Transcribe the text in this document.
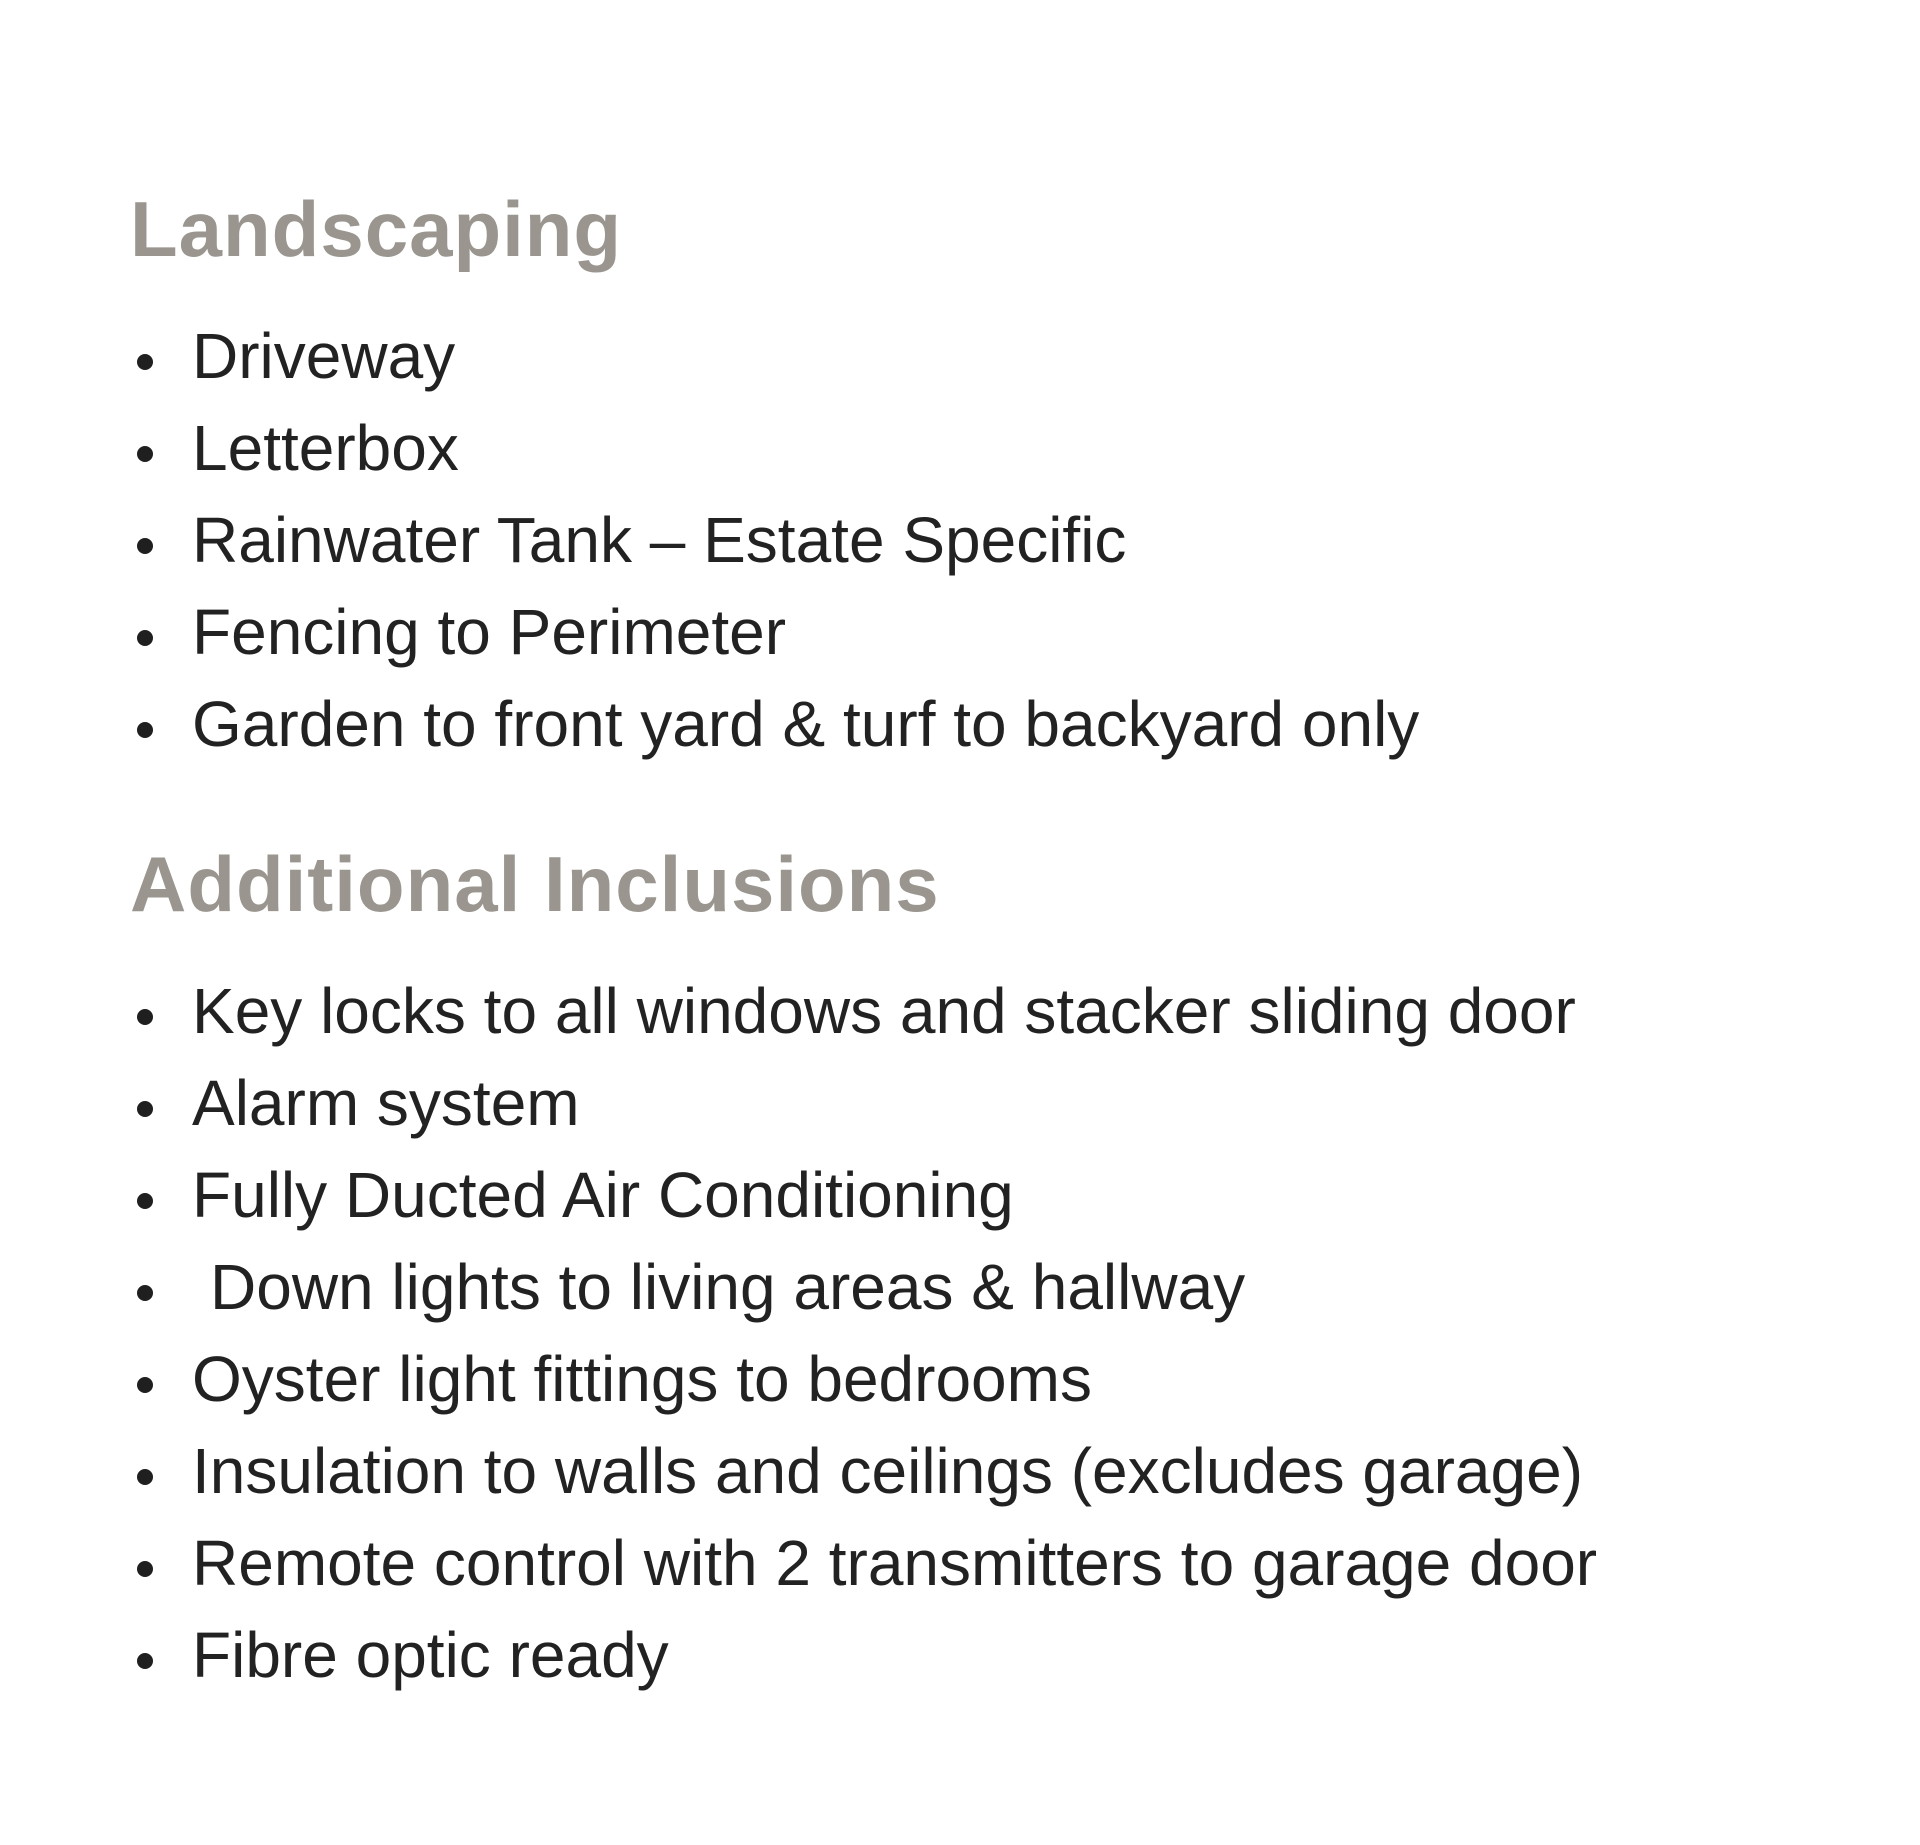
Landscaping
Driveway
Letterbox
Rainwater Tank – Estate Specific
Fencing to Perimeter
Garden to front yard & turf to backyard only
Additional Inclusions
Key locks to all windows and stacker sliding door
Alarm system
Fully Ducted Air Conditioning
Down lights to living areas & hallway
Oyster light fittings to bedrooms
Insulation to walls and ceilings (excludes garage)
Remote control with 2 transmitters to garage door
Fibre optic ready
